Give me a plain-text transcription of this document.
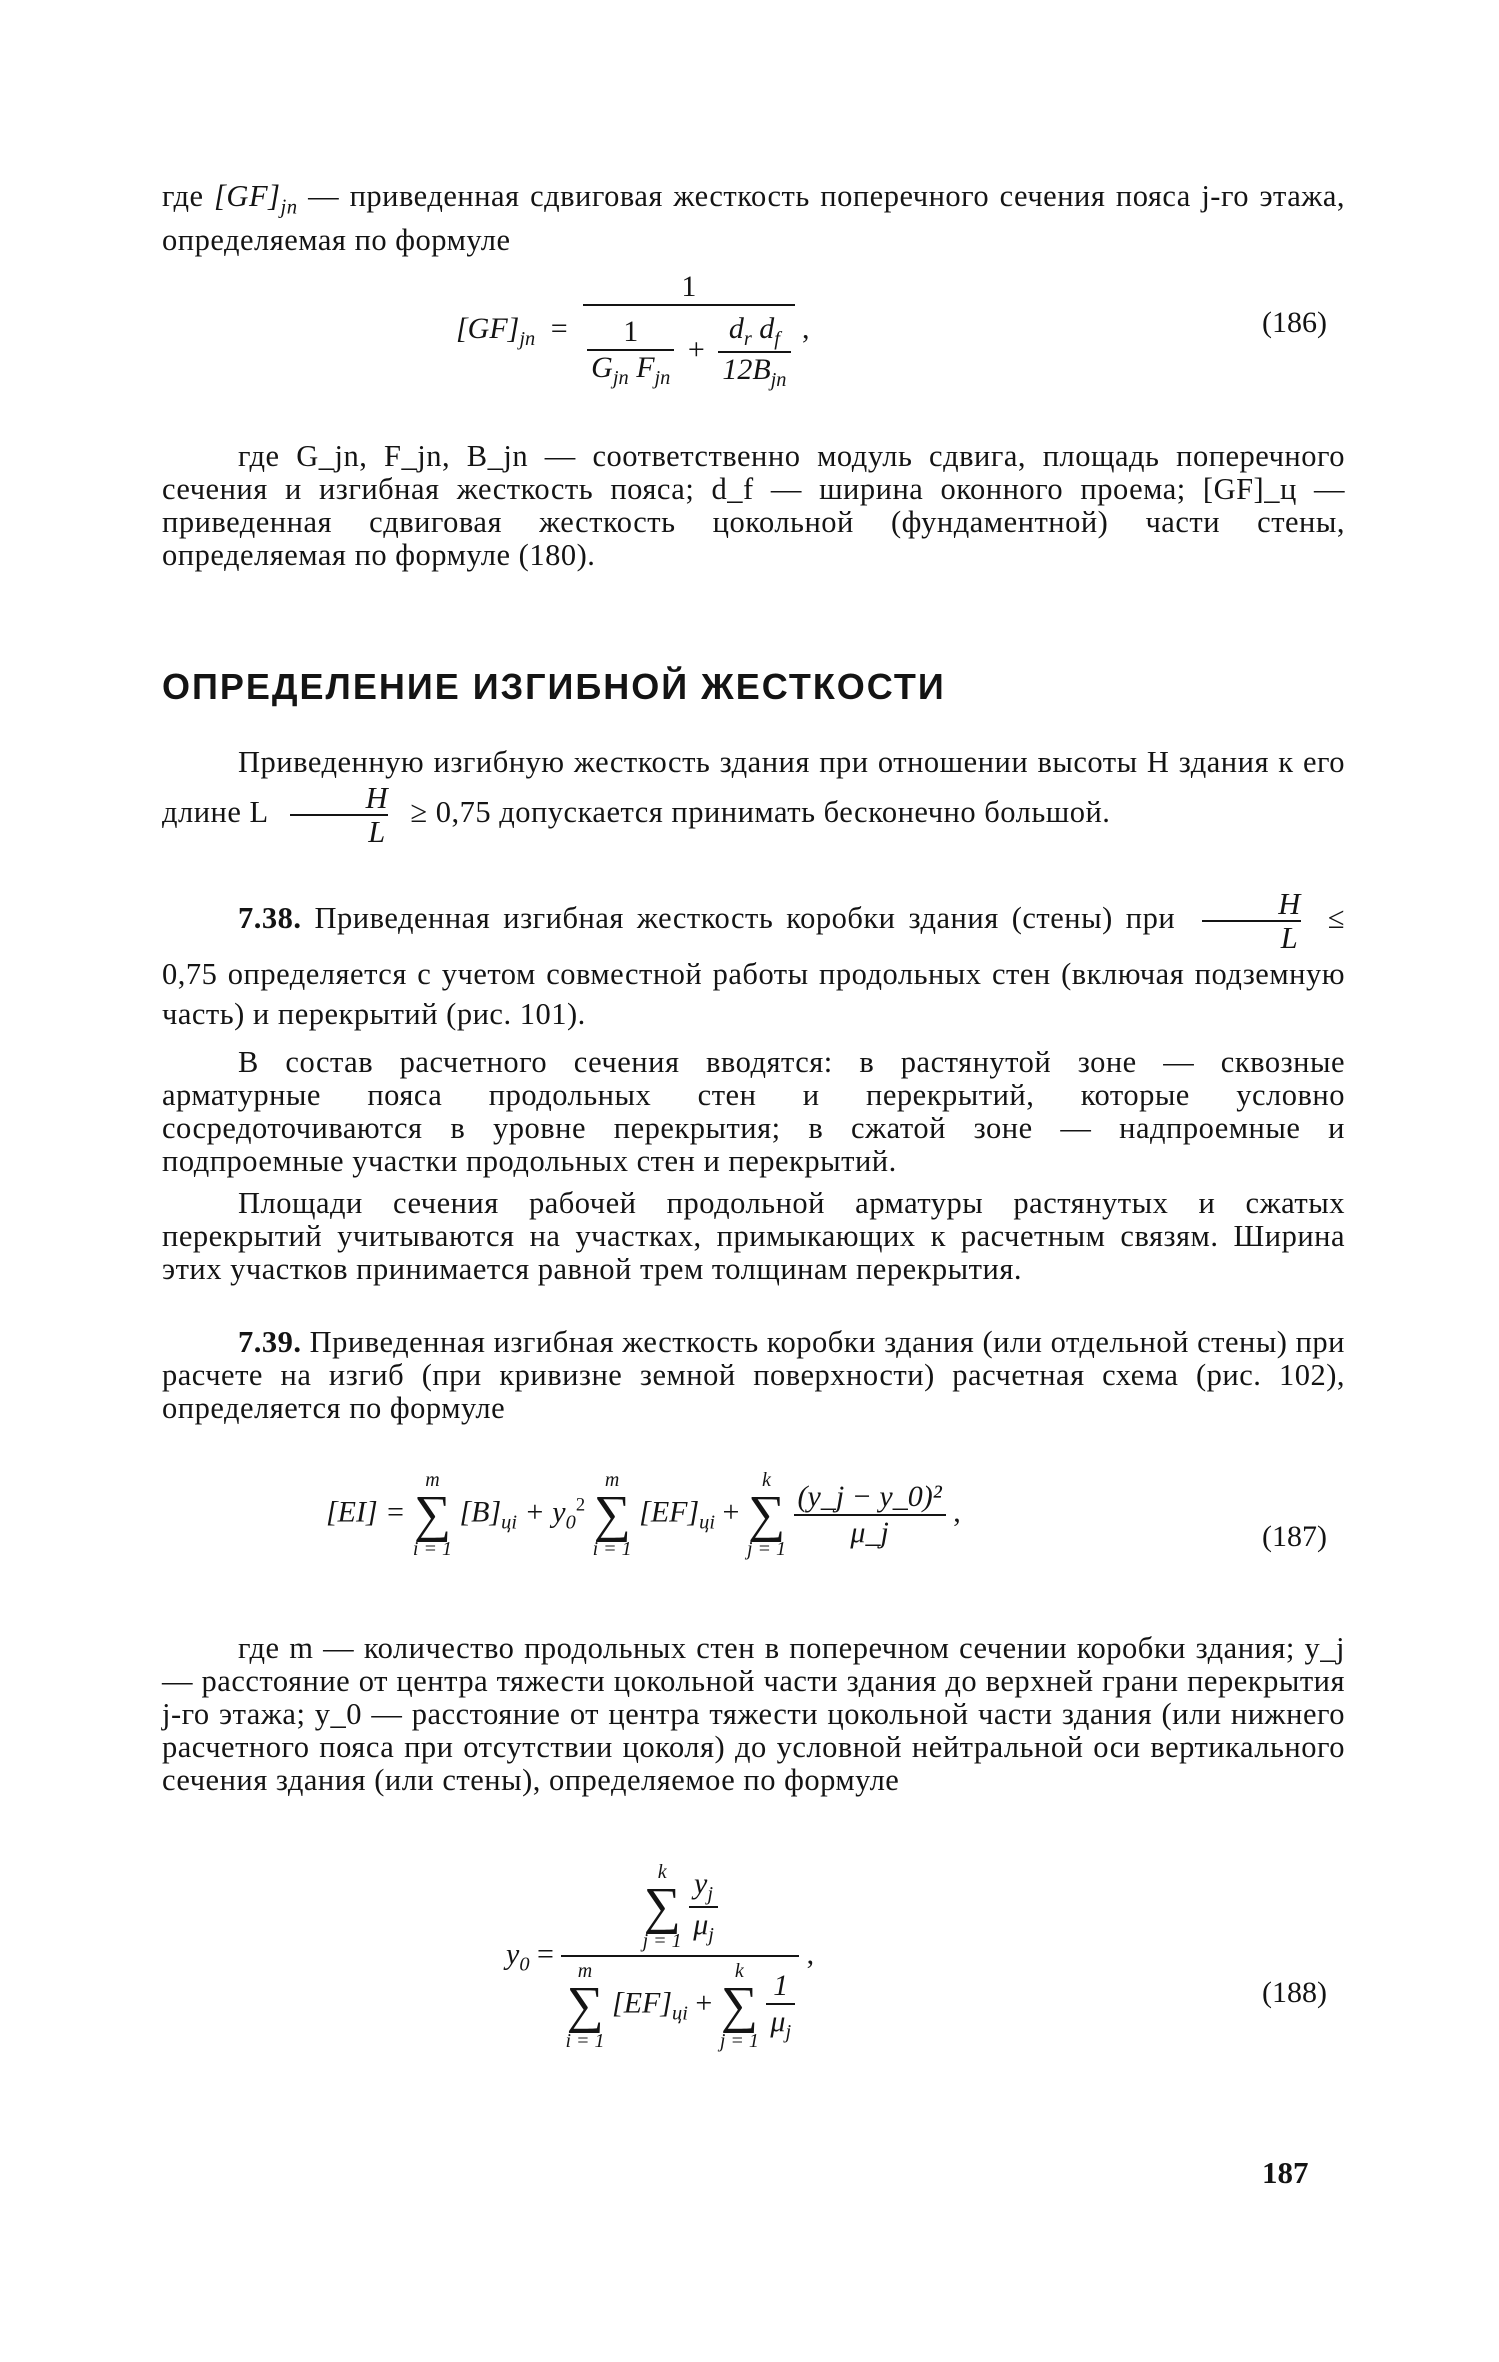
где $[GF]_{jn}$ — приведенная сдвиговая жесткость поперечного сечения пояса j-го этажа, определяемая по формуле
$[GF]_{jn}$ =
1
$\frac{1}{G_{jn} F_{jn}} + \frac{d_r d_f}{12B_{jn}}$ ,	(186)
где G_jn, F_jn, B_jn — соответственно модуль сдвига, площадь поперечного сечения и изгибная жесткость пояса; d_f — ширина оконного проема; [GF]_ц — приведенная сдвиговая жесткость цокольной (фундаментной) части стены, определяемая по формуле (180).
ОПРЕДЕЛЕНИЕ ИЗГИБНОЙ ЖЕСТКОСТИ
Приведенную изгибную жесткость здания при отношении высоты H здания к его длине L $\frac{H}{L} \ge 0,75$ допускается принимать бесконечно большой.
7.38. Приведенная изгибная жесткость коробки здания (стены) при $\frac{H}{L} \le 0,75$ определяется с учетом совместной работы продольных стен (включая подземную часть) и перекрытий (рис. 101).
В состав расчетного сечения вводятся: в растянутой зоне — сквозные арматурные пояса продольных стен и перекрытий, которые условно сосредоточиваются в уровне перекрытия; в сжатой зоне — надпроемные и подпроемные участки продольных стен и перекрытий.
Площади сечения рабочей продольной арматуры растянутых и сжатых перекрытий учитываются на участках, примыкающих к расчетным связям. Ширина этих участков принимается равной трем толщинам перекрытия.
7.39. Приведенная изгибная жесткость коробки здания (или отдельной стены) при расчете на изгиб (при кривизне земной поверхности) расчетная схема (рис. 102), определяется по формуле
[EI] =
m
∑
i = 1
$[B]_{цi} + y_0^2$
m
∑
i = 1
$[EF]_{цi}$ +
k
∑
j = 1
$\frac{\text{(y\_j − y\_0)²}}{\mu\_j}$ ,
(187)
где m — количество продольных стен в поперечном сечении коробки здания; y_j — расстояние от центра тяжести цокольной части здания до верхней грани перекрытия j-го этажа; y_0 — расстояние от центра тяжести цокольной части здания (или нижнего расчетного пояса при отсутствии цоколя) до условной нейтральной оси вертикального сечения здания (или стены), определяемое по формуле
$y_0$ =
k
∑
j = 1
$\frac{y_j}{\mu_j}$
m
∑
i = 1
$[EF]_{цi}$ +
k
∑
j = 1
$\frac{1}{\mu_j}$
,
(188)
187
